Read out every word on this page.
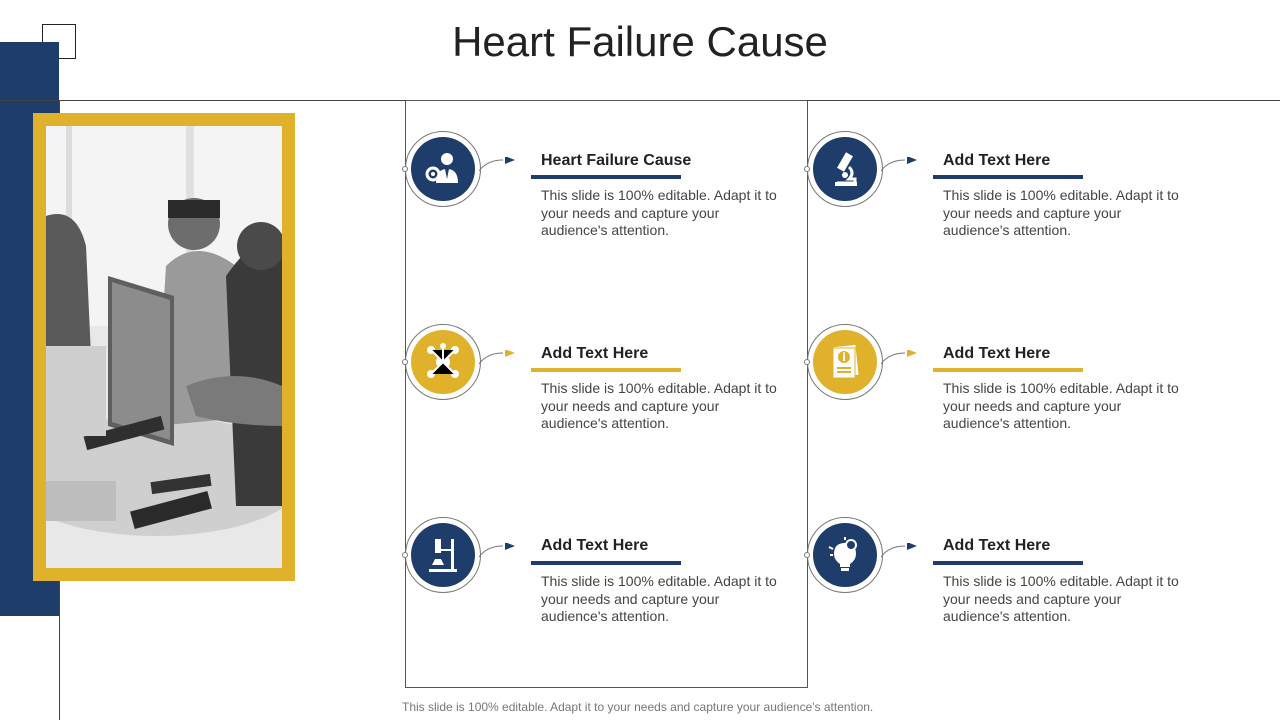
Heart Failure Cause
Heart Failure Cause
This slide is 100% editable. Adapt it to your needs and capture your audience's attention.
Add Text Here
This slide is 100% editable. Adapt it to your needs and capture your audience's attention.
Add Text Here
This slide is 100% editable. Adapt it to your needs and capture your audience's attention.
Add Text Here
This slide is 100% editable. Adapt it to your needs and capture your audience's attention.
Add Text Here
This slide is 100% editable. Adapt it to your needs and capture your audience's attention.
Add Text Here
This slide is 100% editable. Adapt it to your needs and capture your audience's attention.
This slide is 100% editable. Adapt it to your needs and capture your audience's attention.
